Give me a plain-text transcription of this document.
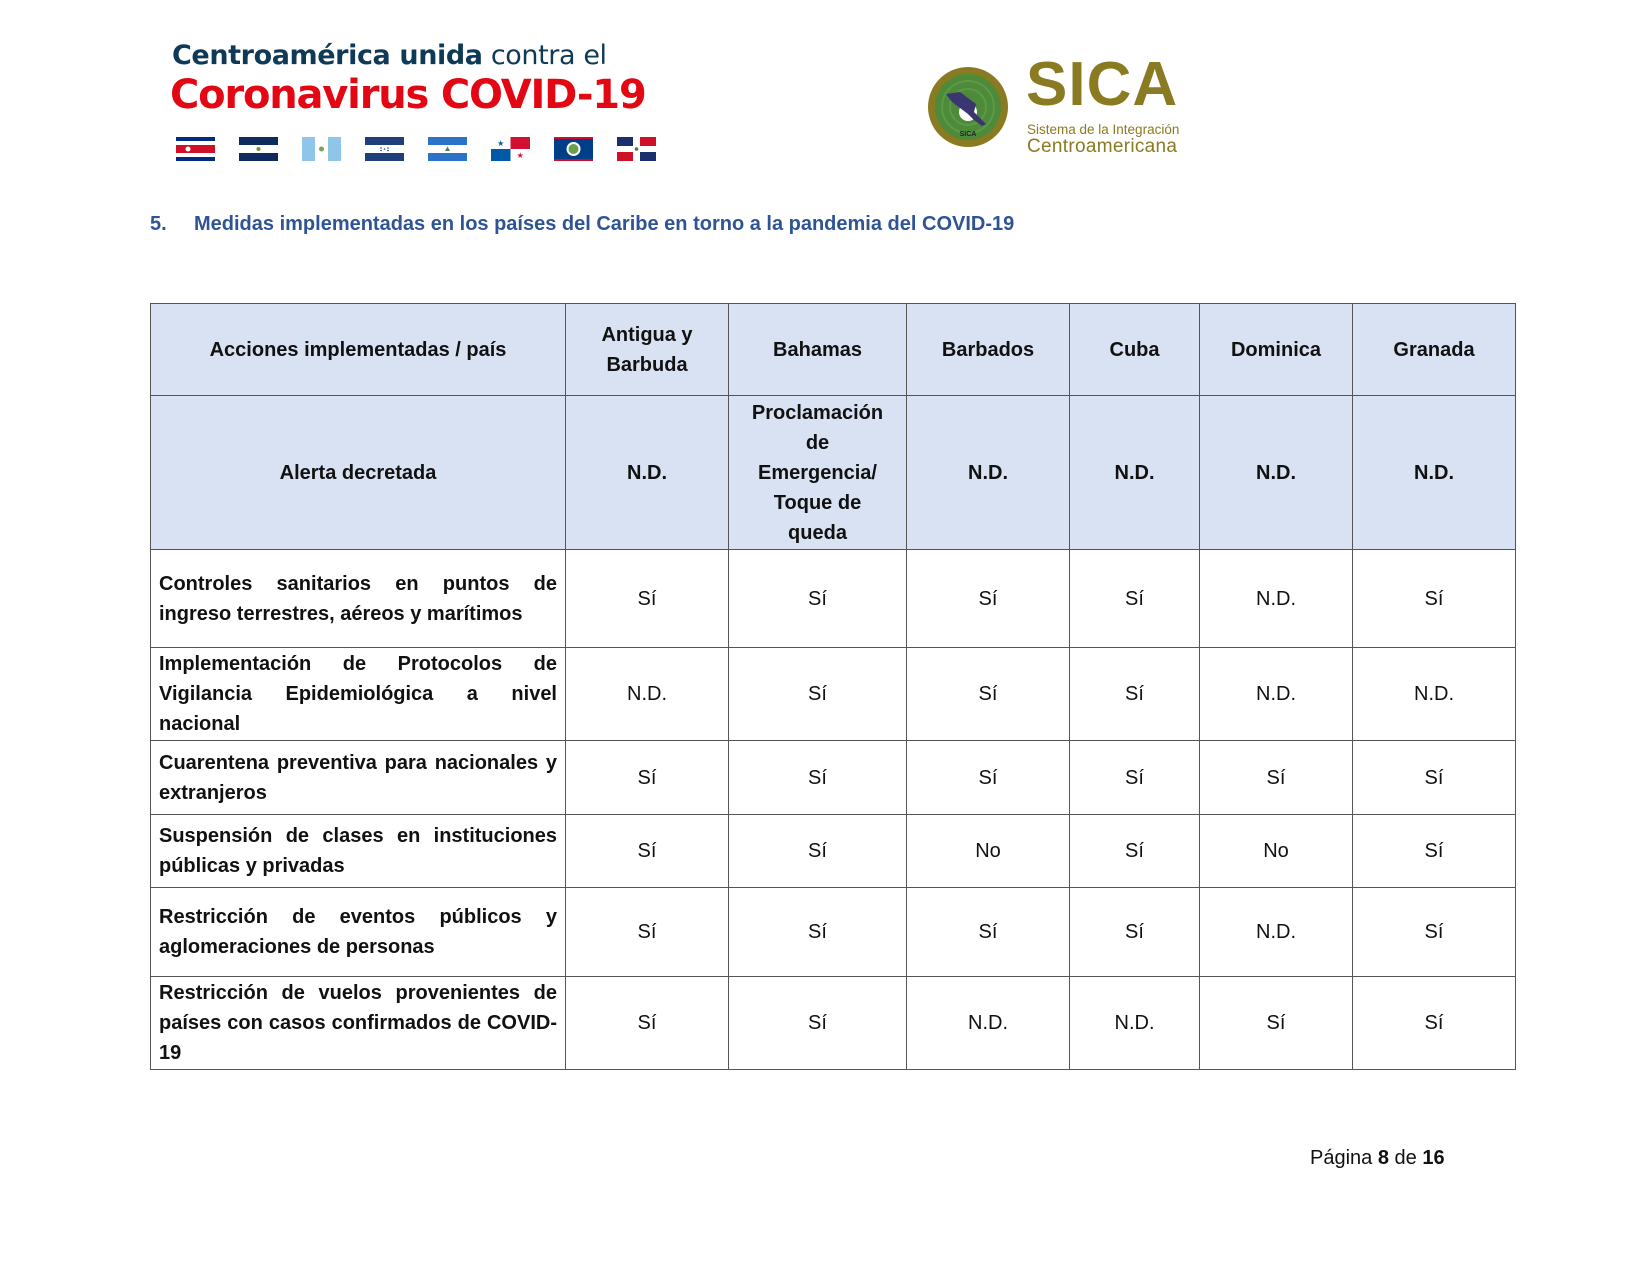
Centroamérica unida contra el
Coronavirus COVID-19
★
★
SICA
SICA
Sistema de la Integración
Centroamericana
5. Medidas implementadas en los países del Caribe en torno a la pandemia del COVID-19
Acciones implementadas / país	Antigua y Barbuda	Bahamas	Barbados	Cuba	Dominica	Granada
Alerta decretada	N.D.	Proclamación de Emergencia/ Toque de queda	N.D.	N.D.	N.D.	N.D.
Controles sanitarios en puntos de ingreso terrestres, aéreos y marítimos	Sí	Sí	Sí	Sí	N.D.	Sí
Implementación de Protocolos de Vigilancia Epidemiológica a nivel nacional	N.D.	Sí	Sí	Sí	N.D.	N.D.
Cuarentena preventiva para nacionales y extranjeros	Sí	Sí	Sí	Sí	Sí	Sí
Suspensión de clases en instituciones públicas y privadas	Sí	Sí	No	Sí	No	Sí
Restricción de eventos públicos y aglomeraciones de personas	Sí	Sí	Sí	Sí	N.D.	Sí
Restricción de vuelos provenientes de países con casos confirmados de COVID-19	Sí	Sí	N.D.	N.D.	Sí	Sí
Página 8 de 16
